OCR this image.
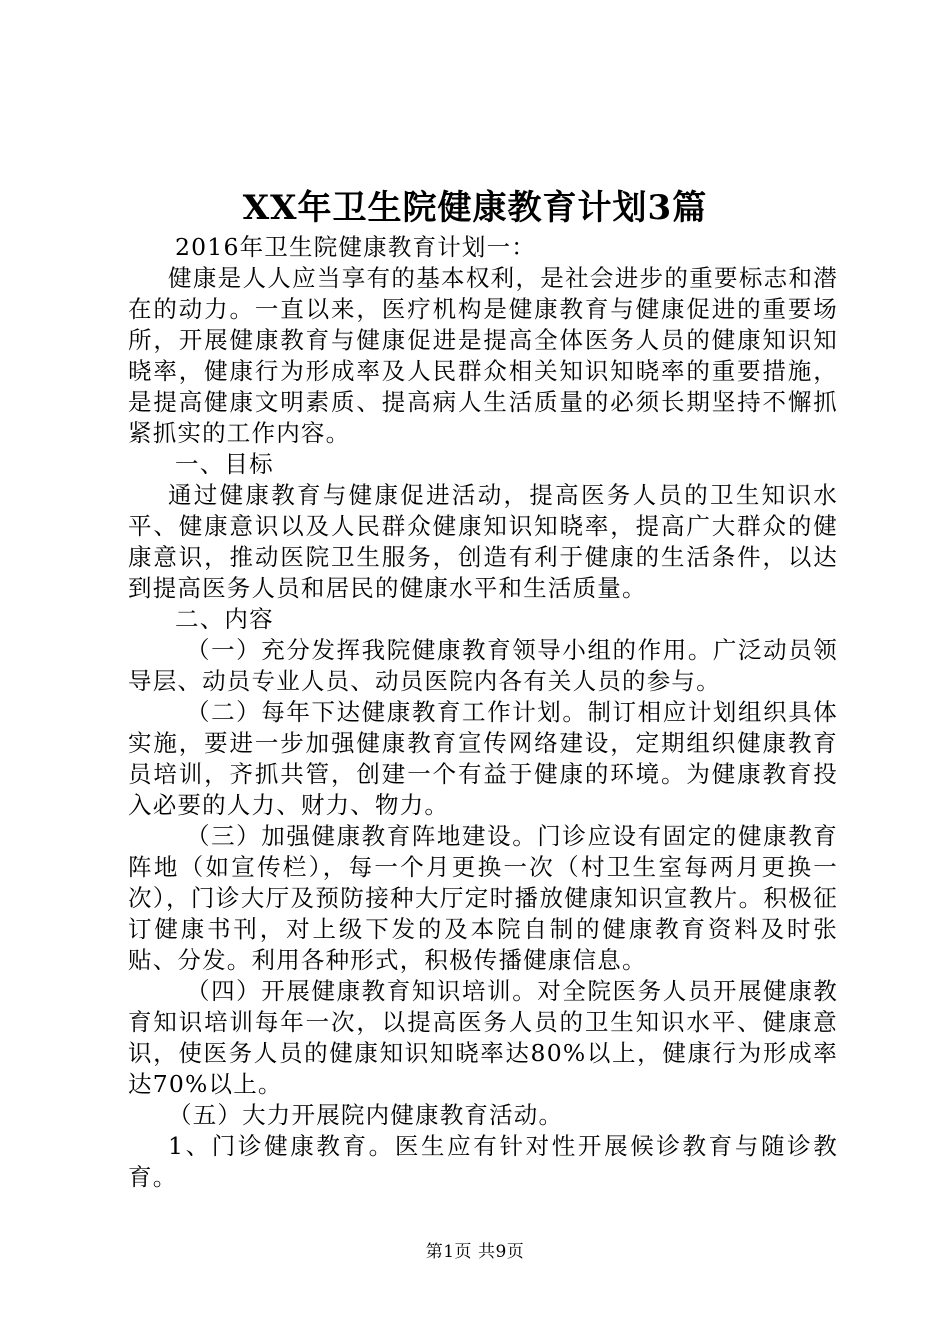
XX年卫生院健康教育计划3篇

2016年卫生院健康教育计划一：

健康是人人应当享有的基本权利，是社会进步的重要标志和潜在的动力。一直以来，医疗机构是健康教育与健康促进的重要场所，开展健康教育与健康促进是提高全体医务人员的健康知识知晓率，健康行为形成率及人民群众相关知识知晓率的重要措施，是提高健康文明素质、提高病人生活质量的必须长期坚持不懈抓紧抓实的工作内容。

一、目标

通过健康教育与健康促进活动，提高医务人员的卫生知识水平、健康意识以及人民群众健康知识知晓率，提高广大群众的健康意识，推动医院卫生服务，创造有利于健康的生活条件，以达到提高医务人员和居民的健康水平和生活质量。

二、内容

（一）充分发挥我院健康教育领导小组的作用。广泛动员领导层、动员专业人员、动员医院内各有关人员的参与。

（二）每年下达健康教育工作计划。制订相应计划组织具体实施，要进一步加强健康教育宣传网络建设，定期组织健康教育员培训，齐抓共管，创建一个有益于健康的环境。为健康教育投入必要的人力、财力、物力。

（三）加强健康教育阵地建设。门诊应设有固定的健康教育阵地（如宣传栏），每一个月更换一次（村卫生室每两月更换一次），门诊大厅及预防接种大厅定时播放健康知识宣教片。积极征订健康书刊，对上级下发的及本院自制的健康教育资料及时张贴、分发。利用各种形式，积极传播健康信息。

（四）开展健康教育知识培训。对全院医务人员开展健康教育知识培训每年一次，以提高医务人员的卫生知识水平、健康意识，使医务人员的健康知识知晓率达80%以上，健康行为形成率达70%以上。

（五）大力开展院内健康教育活动。

1、门诊健康教育。医生应有针对性开展候诊教育与随诊教育。

第1页 共9页
